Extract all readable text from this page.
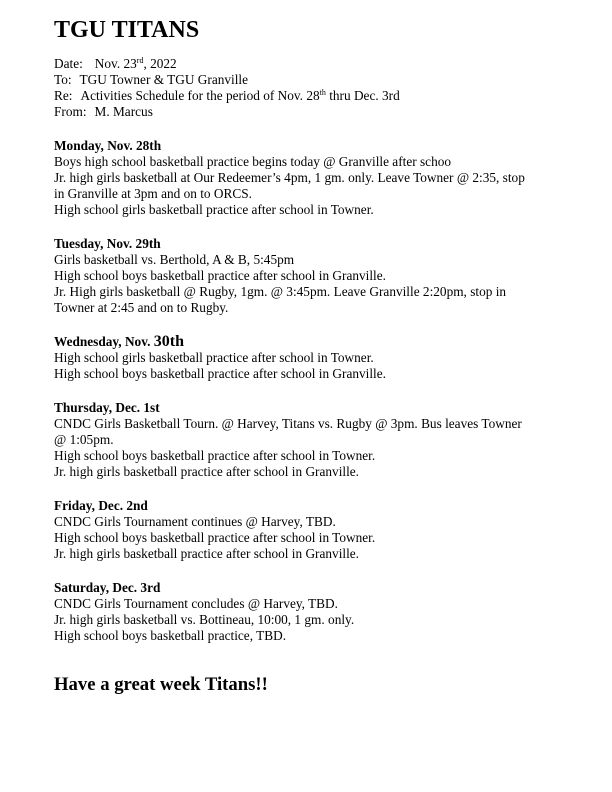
TGU TITANS
Date: Nov. 23rd, 2022
To: TGU Towner & TGU Granville
Re: Activities Schedule for the period of Nov. 28th thru Dec. 3rd
From: M. Marcus
Monday, Nov. 28th
Boys high school basketball practice begins today @ Granville after schoo
Jr. high girls basketball at Our Redeemer’s 4pm, 1 gm. only. Leave Towner @ 2:35, stop
in Granville at 3pm and on to ORCS.
High school girls basketball practice after school in Towner.
Tuesday, Nov. 29th
Girls basketball vs. Berthold, A & B, 5:45pm
High school boys basketball practice after school in Granville.
Jr. High girls basketball @ Rugby, 1gm. @ 3:45pm. Leave Granville 2:20pm, stop in
Towner at 2:45 and on to Rugby.
Wednesday, Nov. 30th
High school girls basketball practice after school in Towner.
High school boys basketball practice after school in Granville.
Thursday, Dec. 1st
CNDC Girls Basketball Tourn. @ Harvey, Titans vs. Rugby @ 3pm. Bus leaves Towner
@ 1:05pm.
High school boys basketball practice after school in Towner.
Jr. high girls basketball practice after school in Granville.
Friday, Dec. 2nd
CNDC Girls Tournament continues @ Harvey, TBD.
High school boys basketball practice after school in Towner.
Jr. high girls basketball practice after school in Granville.
Saturday, Dec. 3rd
CNDC Girls Tournament concludes @ Harvey, TBD.
Jr. high girls basketball vs. Bottineau, 10:00, 1 gm. only.
High school boys basketball practice, TBD.
Have a great week Titans!!
